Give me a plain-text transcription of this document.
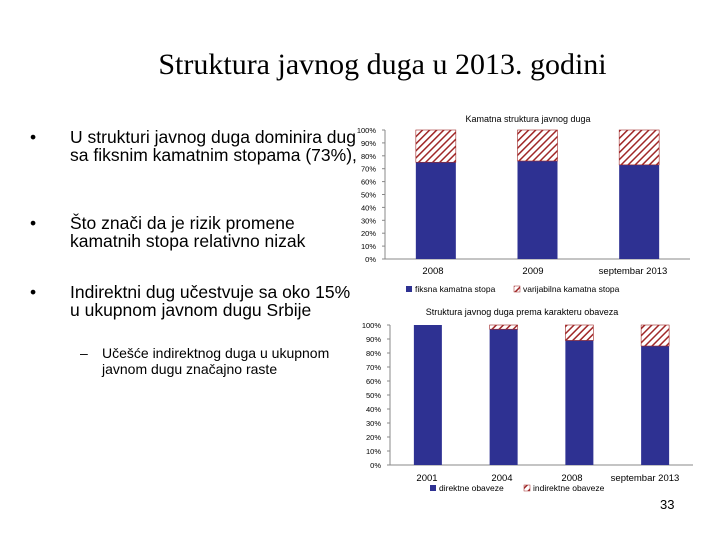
Struktura javnog duga u 2013. godini
• U strukturi javnog duga dominira dug sa fiksnim kamatnim stopama (73%),
• Što znači da je rizik promene kamatnih stopa relativno nizak
• Indirektni dug učestvuje sa oko 15% u ukupnom javnom dugu Srbije
– Učešće indirektnog duga u ukupnom javnom dugu značajno raste
Kamatna struktura javnog duga
0%
10%
20%
30%
40%
50%
60%
70%
80%
90%
100%
2008	2009	septembar 2013
fiksna kamatna stopa	varijabilna kamatna stopa
Struktura javnog duga prema karakteru obaveza
0%
10%
20%
30%
40%
50%
60%
70%
80%
90%
100%
2001	2004	2008	septembar 2013
direktne obaveze	indirektne obaveze
33
